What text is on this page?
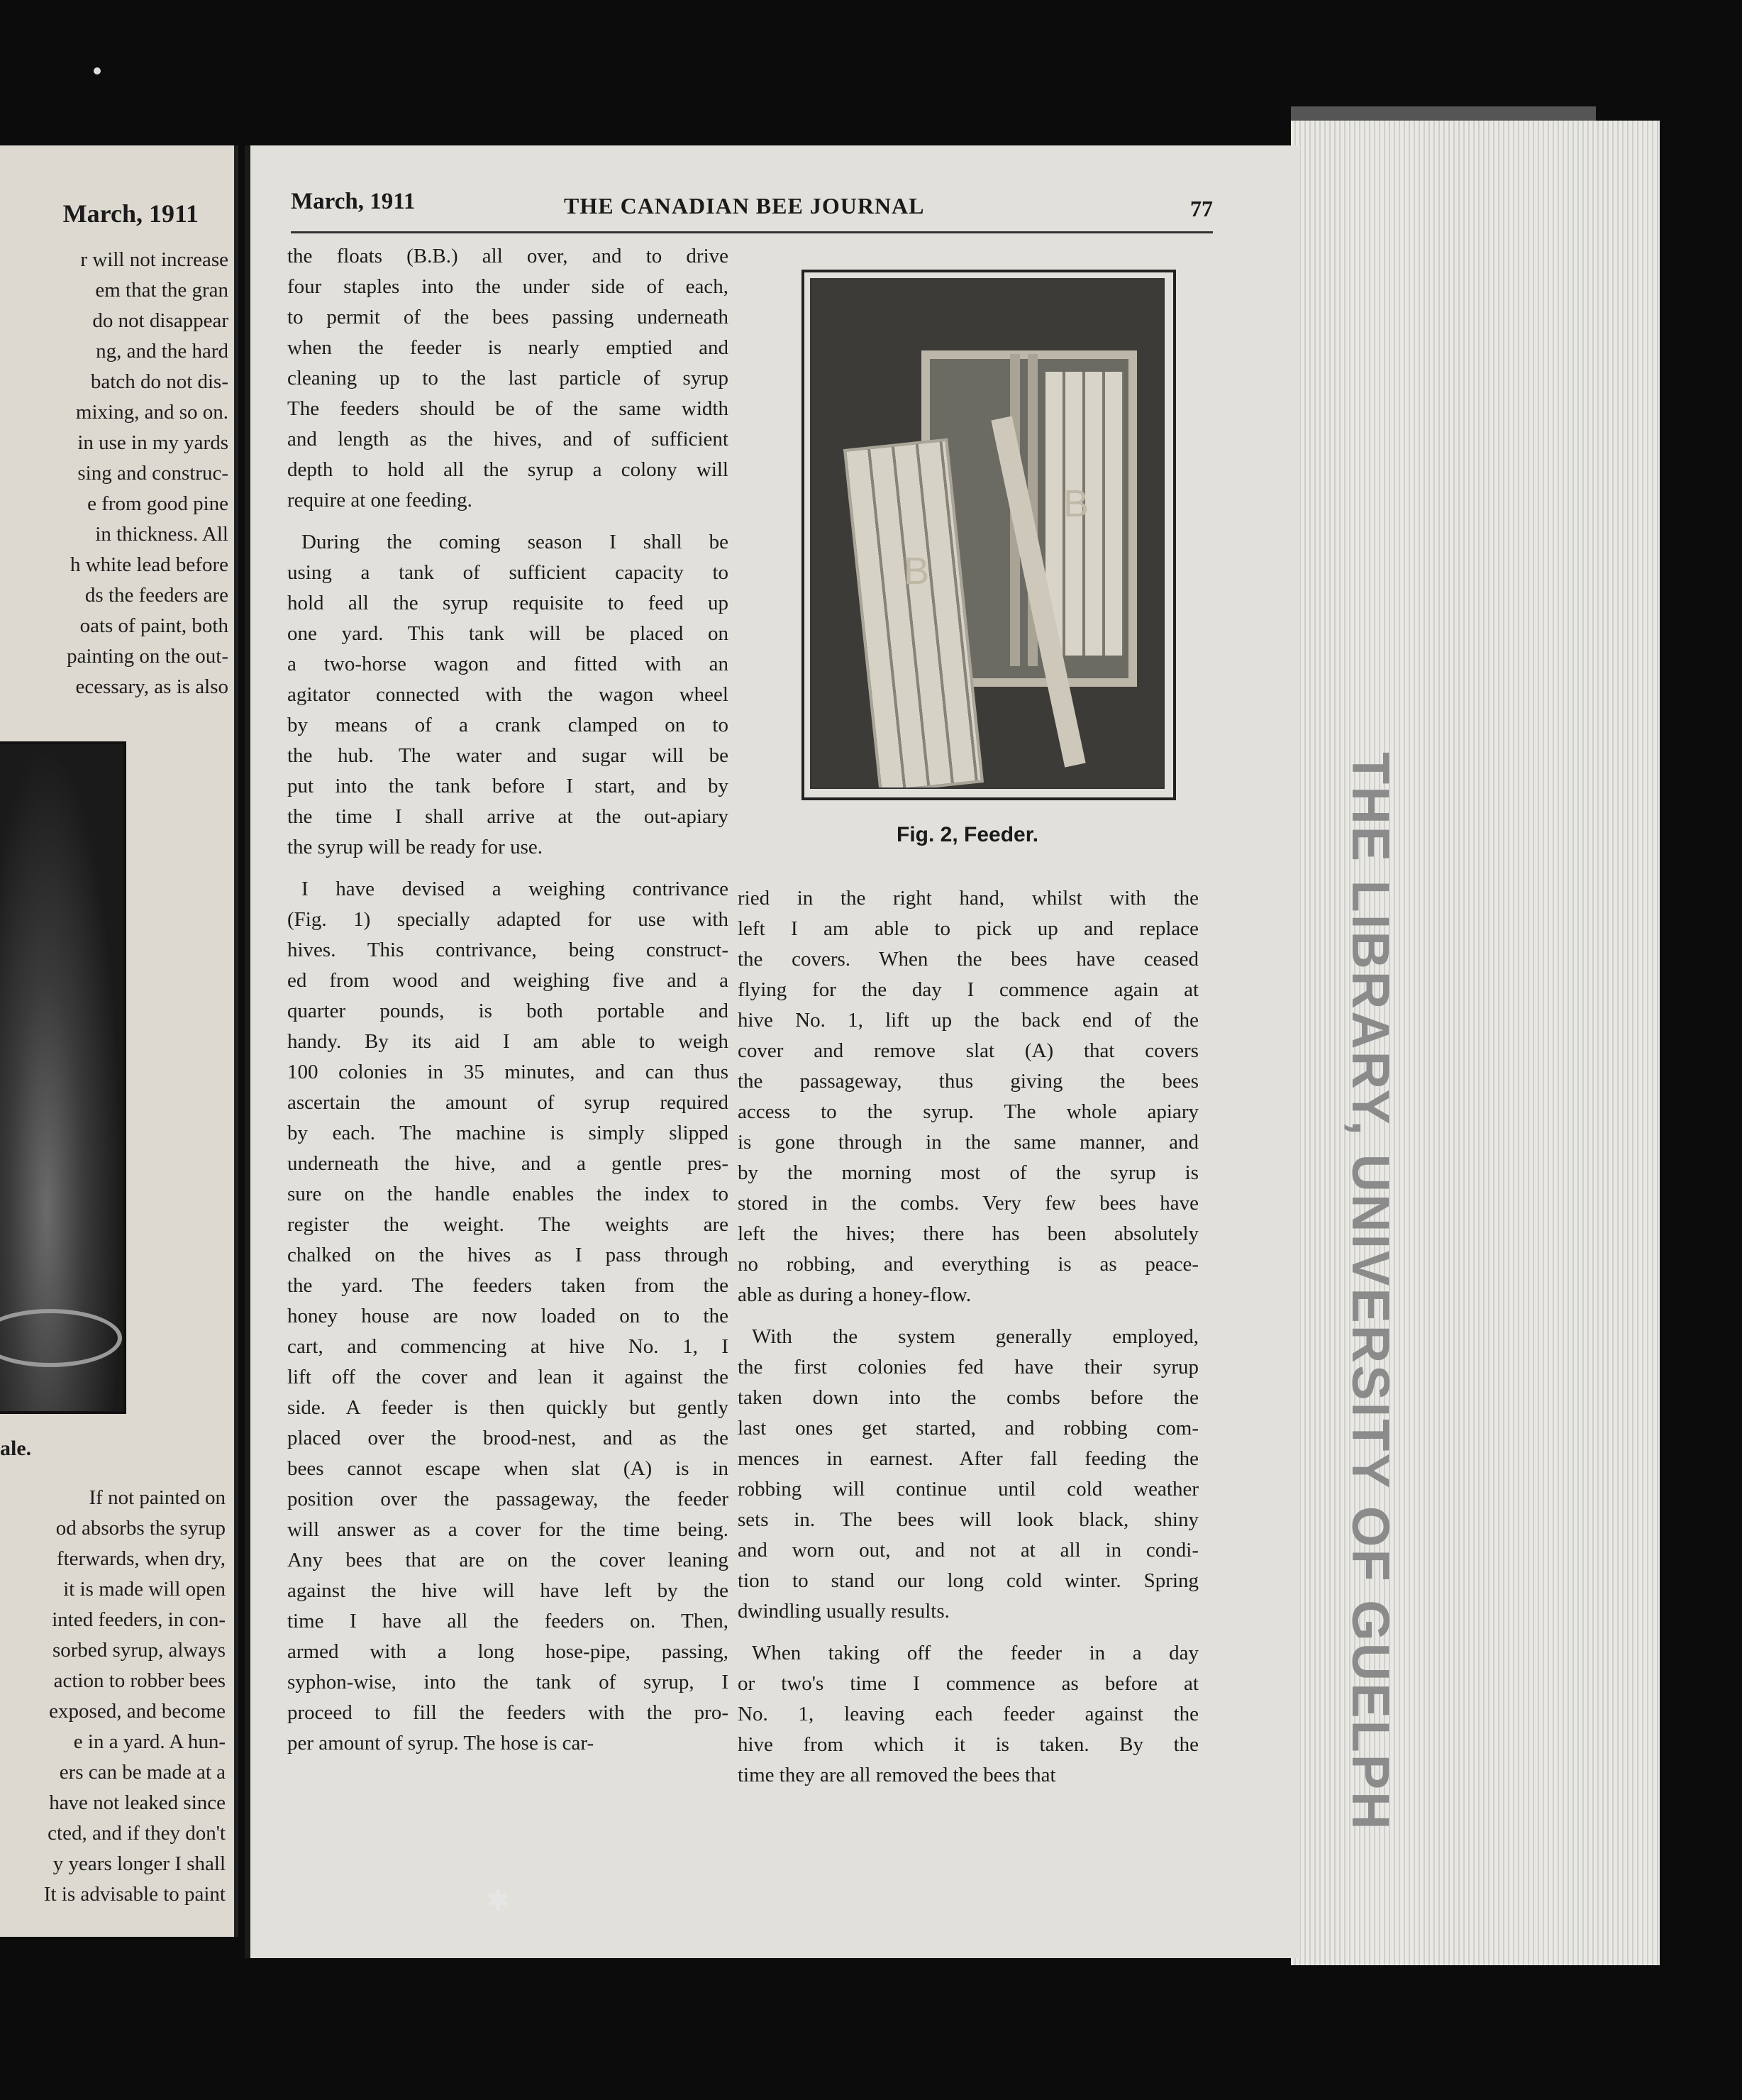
March, 1911
r will not increase
em that the gran
do not disappear
ng, and the hard
batch do not dis-
mixing, and so on.
in use in my yards
sing and construc-
e from good pine
in thickness. All
h white lead before
ds the feeders are
oats of paint, both
painting on the out-
ecessary, as is also
ale.
If not painted on
od absorbs the syrup
fterwards, when dry,
it is made will open
inted feeders, in con-
sorbed syrup, always
action to robber bees
exposed, and become
e in a yard. A hun-
ers can be made at a
have not leaked since
cted, and if they don't
y years longer I shall
It is advisable to paint
THE LIBRARY, UNIVERSITY OF GUELPH
March, 1911	THE CANADIAN BEE JOURNAL	77
the floats (B.B.) all over, and to drive
four staples into the under side of each,
to permit of the bees passing underneath
when the feeder is nearly emptied and
cleaning up to the last particle of syrup
The feeders should be of the same width
and length as the hives, and of sufficient
depth to hold all the syrup a colony will
require at one feeding.
During the coming season I shall be
using a tank of sufficient capacity to
hold all the syrup requisite to feed up
one yard. This tank will be placed on
a two-horse wagon and fitted with an
agitator connected with the wagon wheel
by means of a crank clamped on to
the hub. The water and sugar will be
put into the tank before I start, and by
the time I shall arrive at the out-apiary
the syrup will be ready for use.
I have devised a weighing contrivance
(Fig. 1) specially adapted for use with
hives. This contrivance, being construct-
ed from wood and weighing five and a
quarter pounds, is both portable and
handy. By its aid I am able to weigh
100 colonies in 35 minutes, and can thus
ascertain the amount of syrup required
by each. The machine is simply slipped
underneath the hive, and a gentle pres-
sure on the handle enables the index to
register the weight. The weights are
chalked on the hives as I pass through
the yard. The feeders taken from the
honey house are now loaded on to the
cart, and commencing at hive No. 1, I
lift off the cover and lean it against the
side. A feeder is then quickly but gently
placed over the brood-nest, and as the
bees cannot escape when slat (A) is in
position over the passageway, the feeder
will answer as a cover for the time being.
Any bees that are on the cover leaning
against the hive will have left by the
time I have all the feeders on. Then,
armed with a long hose-pipe, passing,
syphon-wise, into the tank of syrup, I
proceed to fill the feeders with the pro-
per amount of syrup. The hose is car-
B
B
Fig. 2, Feeder.
ried in the right hand, whilst with the
left I am able to pick up and replace
the covers. When the bees have ceased
flying for the day I commence again at
hive No. 1, lift up the back end of the
cover and remove slat (A) that covers
the passageway, thus giving the bees
access to the syrup. The whole apiary
is gone through in the same manner, and
by the morning most of the syrup is
stored in the combs. Very few bees have
left the hives; there has been absolutely
no robbing, and everything is as peace-
able as during a honey-flow.
With the system generally employed,
the first colonies fed have their syrup
taken down into the combs before the
last ones get started, and robbing com-
mences in earnest. After fall feeding the
robbing will continue until cold weather
sets in. The bees will look black, shiny
and worn out, and not at all in condi-
tion to stand our long cold winter. Spring
dwindling usually results.
When taking off the feeder in a day
or two's time I commence as before at
No. 1, leaving each feeder against the
hive from which it is taken. By the
time they are all removed the bees that
✱
